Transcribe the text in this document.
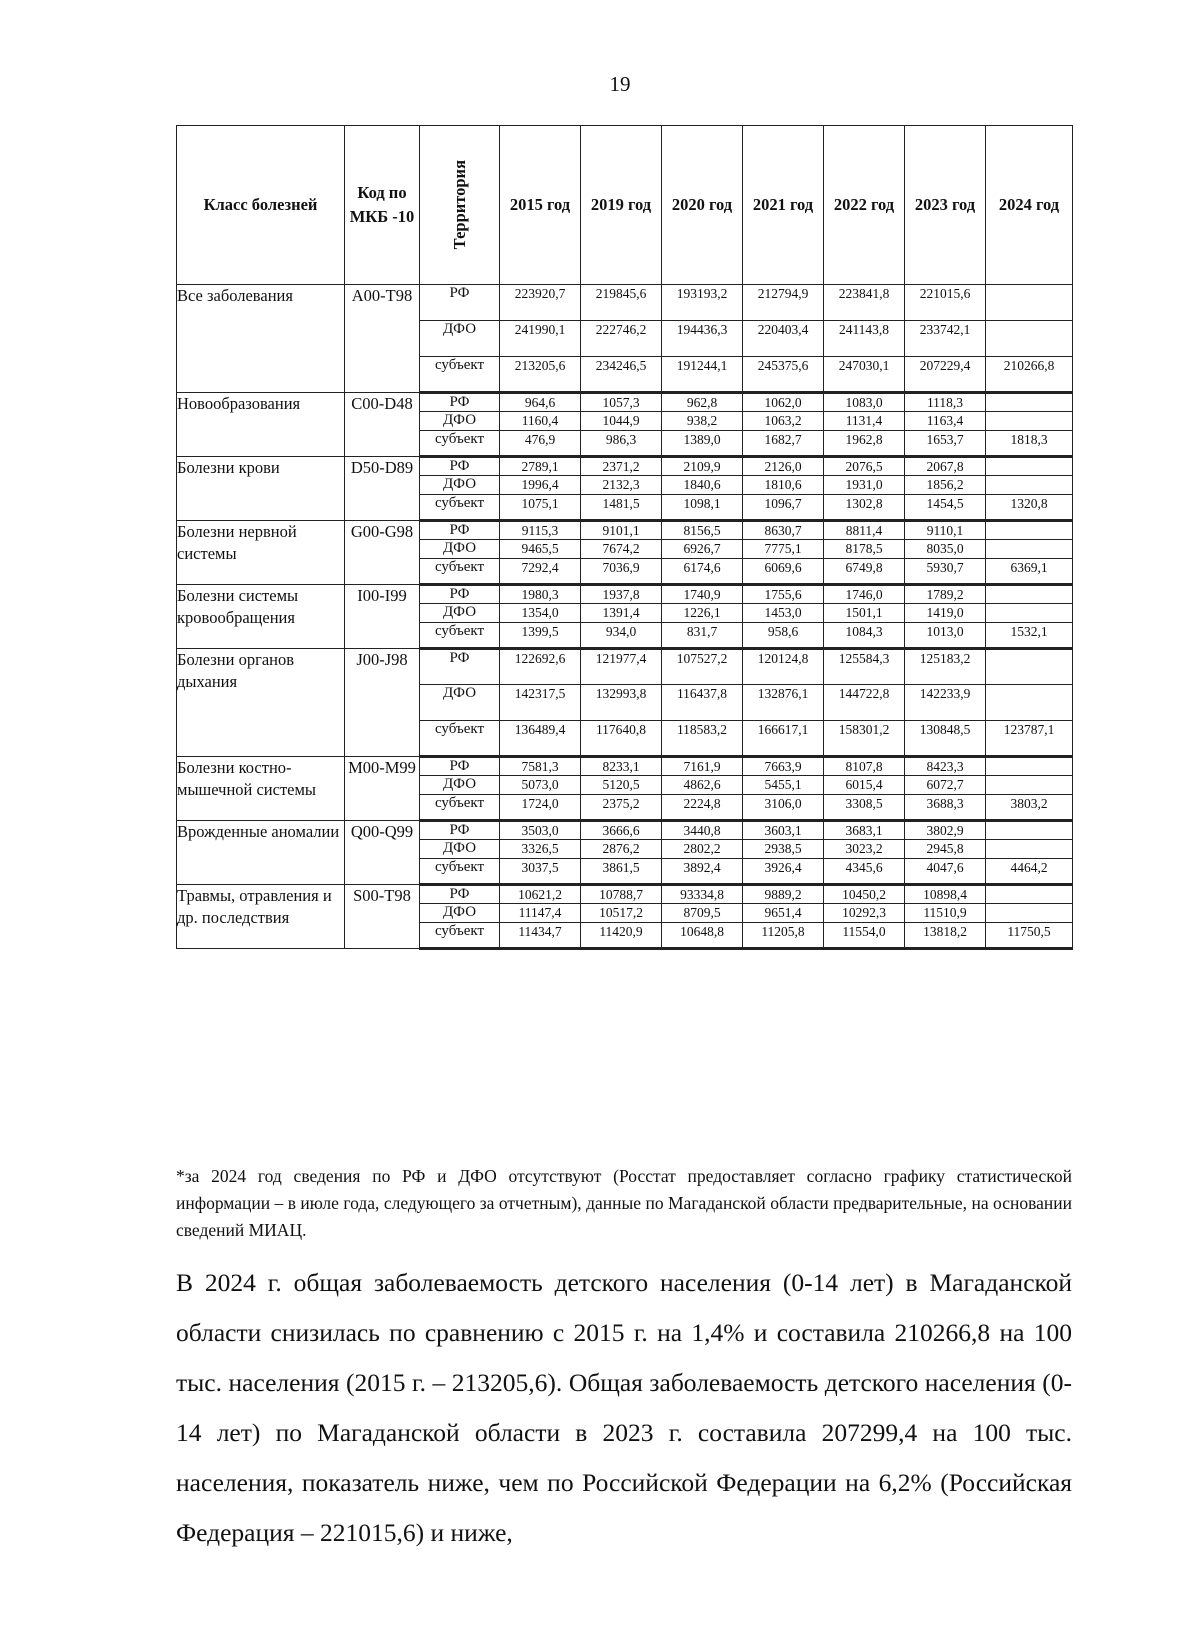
19
Класс болезней	Код по МКБ -10	Территория	2015 год	2019 год	2020 год	2021 год	2022 год	2023 год	2024 год
Все заболевания	A00-T98	РФ	223920,7	219845,6	193193,2	212794,9	223841,8	221015,6	
		ДФО	241990,1	222746,2	194436,3	220403,4	241143,8	233742,1	
		субъект	213205,6	234246,5	191244,1	245375,6	247030,1	207229,4	210266,8
Новообразования	C00-D48	РФ	964,6	1057,3	962,8	1062,0	1083,0	1118,3	
		ДФО	1160,4	1044,9	938,2	1063,2	1131,4	1163,4	
		субъект	476,9	986,3	1389,0	1682,7	1962,8	1653,7	1818,3
Болезни крови	D50-D89	РФ	2789,1	2371,2	2109,9	2126,0	2076,5	2067,8	
		ДФО	1996,4	2132,3	1840,6	1810,6	1931,0	1856,2	
		субъект	1075,1	1481,5	1098,1	1096,7	1302,8	1454,5	1320,8
Болезни нервной системы	G00-G98	РФ	9115,3	9101,1	8156,5	8630,7	8811,4	9110,1	
		ДФО	9465,5	7674,2	6926,7	7775,1	8178,5	8035,0	
		субъект	7292,4	7036,9	6174,6	6069,6	6749,8	5930,7	6369,1
Болезни системы кровообращения	I00-I99	РФ	1980,3	1937,8	1740,9	1755,6	1746,0	1789,2	
		ДФО	1354,0	1391,4	1226,1	1453,0	1501,1	1419,0	
		субъект	1399,5	934,0	831,7	958,6	1084,3	1013,0	1532,1
Болезни органов дыхания	J00-J98	РФ	122692,6	121977,4	107527,2	120124,8	125584,3	125183,2	
		ДФО	142317,5	132993,8	116437,8	132876,1	144722,8	142233,9	
		субъект	136489,4	117640,8	118583,2	166617,1	158301,2	130848,5	123787,1
Болезни костно-мышечной системы	M00-M99	РФ	7581,3	8233,1	7161,9	7663,9	8107,8	8423,3	
		ДФО	5073,0	5120,5	4862,6	5455,1	6015,4	6072,7	
		субъект	1724,0	2375,2	2224,8	3106,0	3308,5	3688,3	3803,2
Врожденные аномалии	Q00-Q99	РФ	3503,0	3666,6	3440,8	3603,1	3683,1	3802,9	
		ДФО	3326,5	2876,2	2802,2	2938,5	3023,2	2945,8	
		субъект	3037,5	3861,5	3892,4	3926,4	4345,6	4047,6	4464,2
Травмы, отравления и др. последствия	S00-T98	РФ	10621,2	10788,7	93334,8	9889,2	10450,2	10898,4	
		ДФО	11147,4	10517,2	8709,5	9651,4	10292,3	11510,9	
		субъект	11434,7	11420,9	10648,8	11205,8	11554,0	13818,2	11750,5
*за 2024 год сведения по РФ и ДФО отсутствуют (Росстат предоставляет согласно графику статистической информации – в июле года, следующего за отчетным), данные по Магаданской области предварительные, на основании сведений МИАЦ.
В 2024 г. общая заболеваемость детского населения (0-14 лет) в Магаданской области снизилась по сравнению с 2015 г. на 1,4% и составила 210266,8 на 100 тыс. населения (2015 г. – 213205,6). Общая заболеваемость детского населения (0-14 лет) по Магаданской области в 2023 г. составила 207299,4 на 100 тыс. населения, показатель ниже, чем по Российской Федерации на 6,2% (Российская Федерация – 221015,6) и ниже,
